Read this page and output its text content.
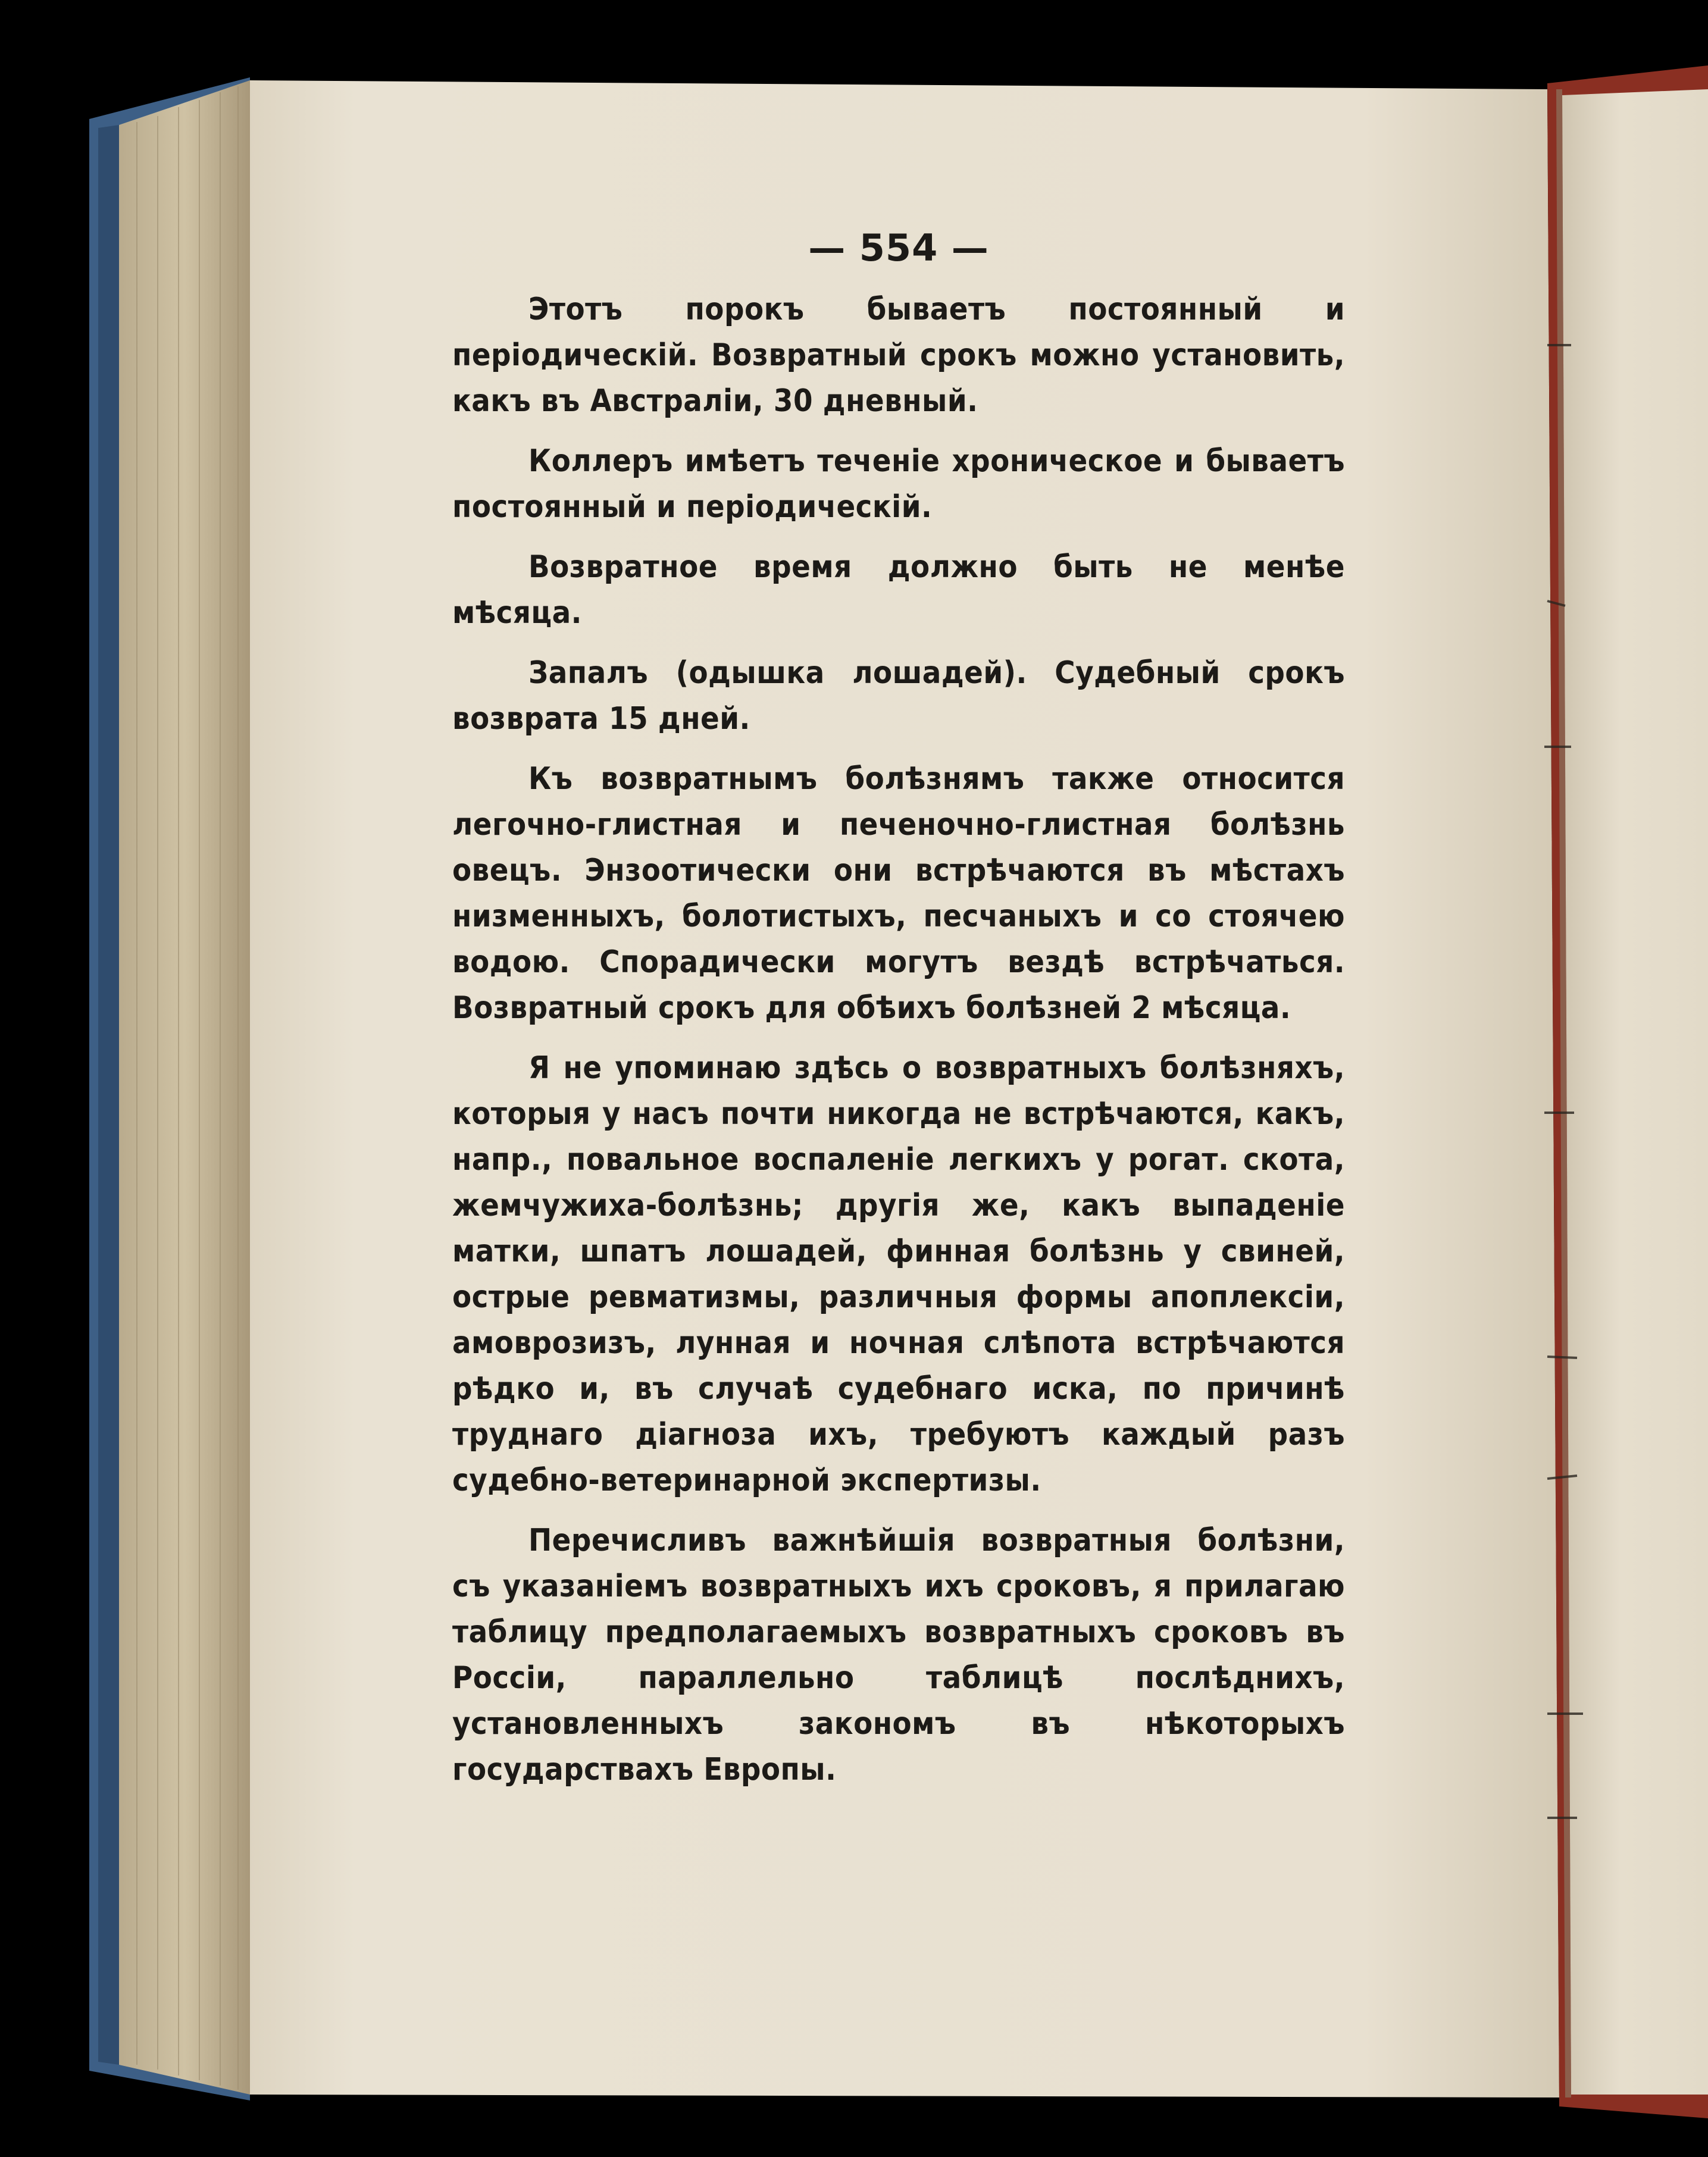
— 554 —

Этотъ порокъ бываетъ постоянный и періодическій. Возвратный срокъ можно установить, какъ въ Австраліи, 30 дневный.

Коллеръ имѣетъ теченіе хроническое и бываетъ постоянный и періодическій.

Возвратное время должно быть не менѣе мѣсяца.

Запалъ (одышка лошадей). Судебный срокъ возврата 15 дней.

Къ возвратнымъ болѣзнямъ также относится легочно-глистная и печеночно-глистная болѣзнь овецъ. Энзоотически они встрѣчаются въ мѣстахъ низменныхъ, болотистыхъ, песчаныхъ и со стоячею водою. Спорадически могутъ вездѣ встрѣчаться. Возвратный срокъ для обѣихъ болѣзней 2 мѣсяца.

Я не упоминаю здѣсь о возвратныхъ болѣзняхъ, которыя у насъ почти никогда не встрѣчаются, какъ, напр., повальное воспаленіе легкихъ у рогат. скота, жемчужиха-болѣзнь; другія же, какъ выпаденіе матки, шпатъ лошадей, финная болѣзнь у свиней, острые ревматизмы, различныя формы апоплексіи, амоврозизъ, лунная и ночная слѣпота встрѣчаются рѣдко и, въ случаѣ судебнаго иска, по причинѣ труднаго діагноза ихъ, требуютъ каждый разъ судебно-ветеринарной экспертизы.

Перечисливъ важнѣйшія возвратныя болѣзни, съ указаніемъ возвратныхъ ихъ сроковъ, я прилагаю таблицу предполагаемыхъ возвратныхъ сроковъ въ Россіи, параллельно таблицѣ послѣднихъ, установленныхъ закономъ въ нѣкоторыхъ государствахъ Европы.
